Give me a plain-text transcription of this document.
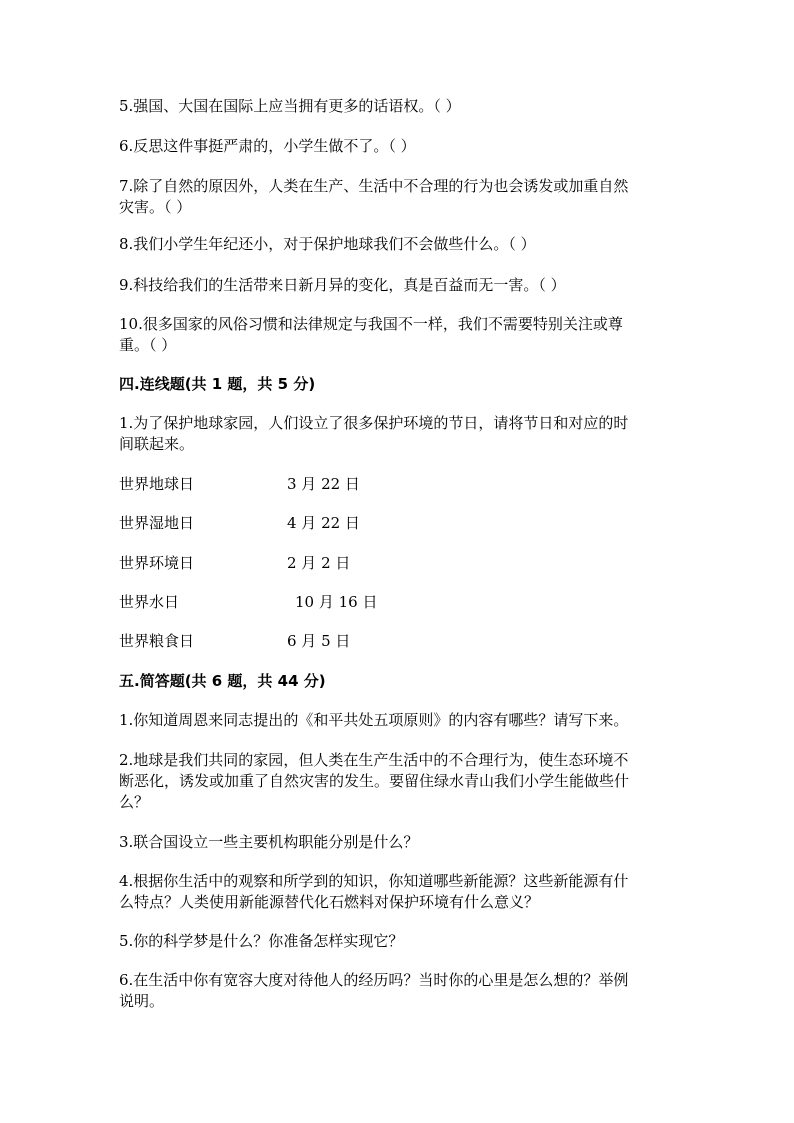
5.强国、大国在国际上应当拥有更多的话语权。（ ）

6.反思这件事挺严肃的，小学生做不了。（ ）

7.除了自然的原因外，人类在生产、生活中不合理的行为也会诱发或加重自然

灾害。（ ）

8.我们小学生年纪还小，对于保护地球我们不会做些什么。（ ）

9.科技给我们的生活带来日新月异的变化，真是百益而无一害。（ ）

10.很多国家的风俗习惯和法律规定与我国不一样，我们不需要特别关注或尊

重。（ ）

四.连线题(共 1 题，共 5 分)

1.为了保护地球家园，人们设立了很多保护环境的节日，请将节日和对应的时

间联起来。

世界地球日	3 月 22 日

世界湿地日	4 月 22 日

世界环境日	2 月 2 日

世界水日	10 月 16 日

世界粮食日	6 月 5 日

五.简答题(共 6 题，共 44 分)

1.你知道周恩来同志提出的《和平共处五项原则》的内容有哪些？请写下来。

2.地球是我们共同的家园，但人类在生产生活中的不合理行为，使生态环境不

断恶化，诱发或加重了自然灾害的发生。要留住绿水青山我们小学生能做些什

么？

3.联合国设立一些主要机构职能分别是什么？

4.根据你生活中的观察和所学到的知识，你知道哪些新能源？这些新能源有什

么特点？人类使用新能源替代化石燃料对保护环境有什么意义？

5.你的科学梦是什么？你准备怎样实现它？

6.在生活中你有宽容大度对待他人的经历吗？当时你的心里是怎么想的？举例

说明。
